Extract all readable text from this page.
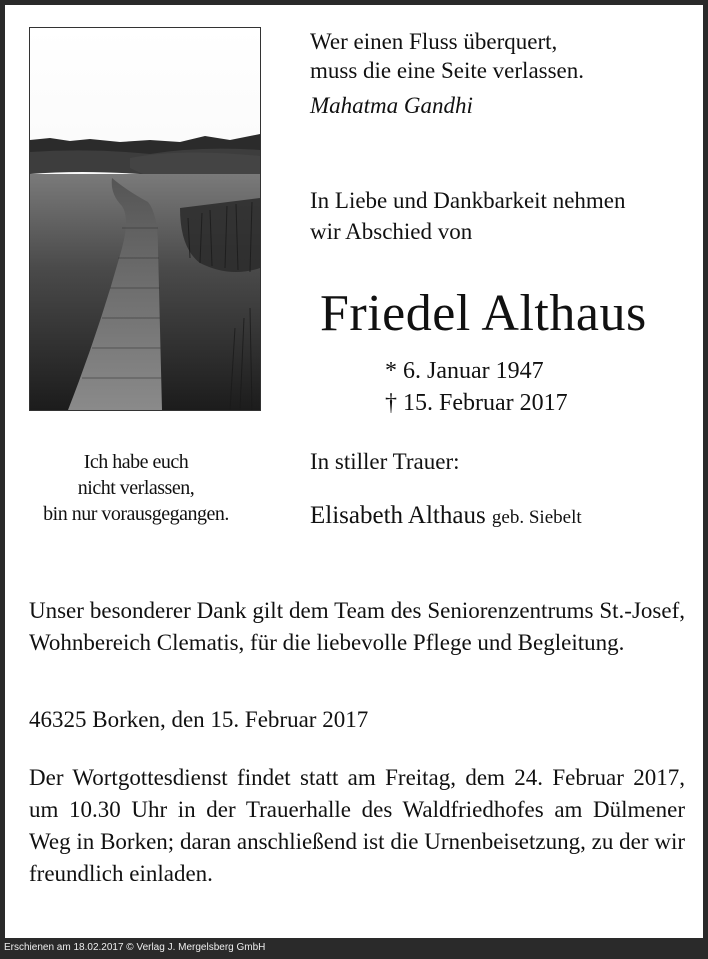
Wer einen Fluss überquert,
muss die eine Seite verlassen.

Mahatma Gandhi

In Liebe und Dankbarkeit nehmen
wir Abschied von

Friedel Althaus

* 6. Januar 1947
† 15. Februar 2017

Ich habe euch
nicht verlassen,
bin nur vorausgegangen.

In stiller Trauer:

Elisabeth Althaus geb. Siebelt

Unser besonderer Dank gilt dem Team des Seniorenzentrums St.-Josef, Wohnbereich Clematis, für die liebevolle Pflege und Begleitung.

46325 Borken, den 15. Februar 2017

Der Wortgottesdienst findet statt am Freitag, dem 24. Februar 2017, um 10.30 Uhr in der Trauerhalle des Waldfriedhofes am Dülmener Weg in Borken; daran anschließend ist die Urnenbeisetzung, zu der wir freundlich einladen.

Erschienen am 18.02.2017 © Verlag J. Mergelsberg GmbH
